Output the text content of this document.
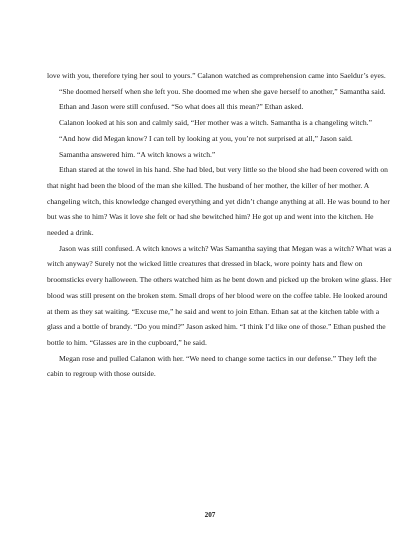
love with you, therefore tying her soul to yours.” Calanon watched as comprehension came into Saeldur’s eyes.

“She doomed herself when she left you. She doomed me when she gave herself to another,” Samantha said.

Ethan and Jason were still confused. “So what does all this mean?” Ethan asked.

Calanon looked at his son and calmly said, “Her mother was a witch. Samantha is a changeling witch.”

“And how did Megan know? I can tell by looking at you, you’re not surprised at all,” Jason said.

Samantha answered him. “A witch knows a witch.”

Ethan stared at the towel in his hand. She had bled, but very little so the blood she had been covered with on that night had been the blood of the man she killed. The husband of her mother, the killer of her mother. A changeling witch, this knowledge changed everything and yet didn’t change anything at all. He was bound to her but was she to him? Was it love she felt or had she bewitched him? He got up and went into the kitchen. He needed a drink.

Jason was still confused. A witch knows a witch? Was Samantha saying that Megan was a witch? What was a witch anyway? Surely not the wicked little creatures that dressed in black, wore pointy hats and flew on broomsticks every halloween. The others watched him as he bent down and picked up the broken wine glass. Her blood was still present on the broken stem. Small drops of her blood were on the coffee table. He looked around at them as they sat waiting. “Excuse me,” he said and went to join Ethan. Ethan sat at the kitchen table with a glass and a bottle of brandy. “Do you mind?” Jason asked him. “I think I’d like one of those.” Ethan pushed the bottle to him. “Glasses are in the cupboard,” he said.

Megan rose and pulled Calanon with her. “We need to change some tactics in our defense.” They left the cabin to regroup with those outside.

207
